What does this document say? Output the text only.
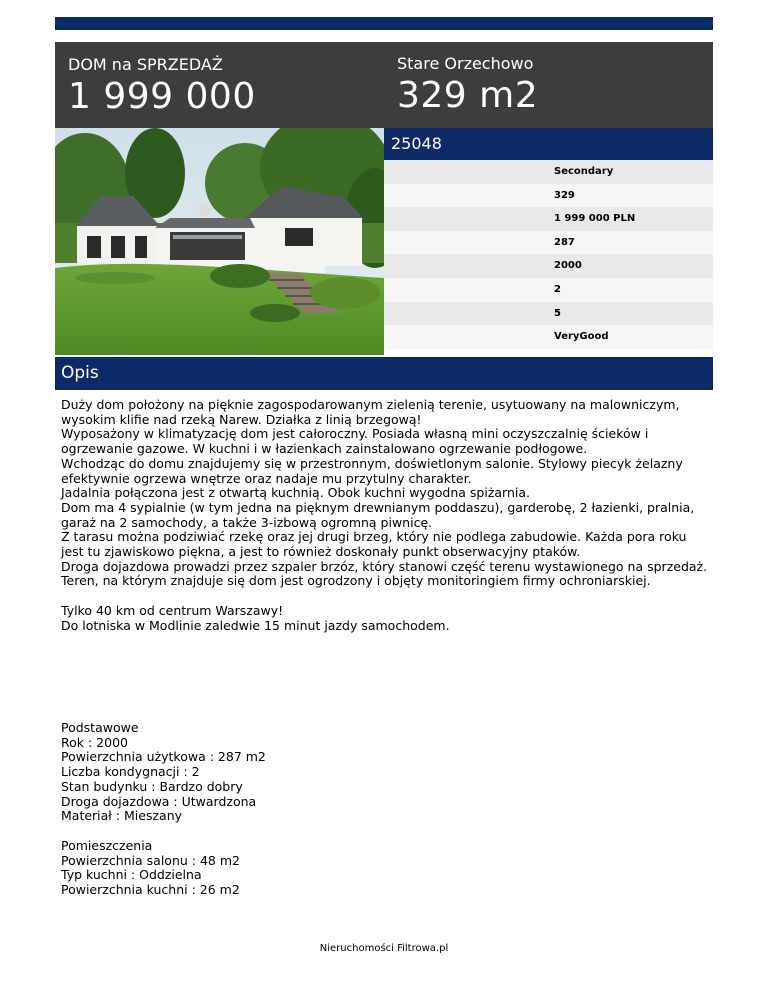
DOM na SPRZEDAŻ
1 999 000
Stare Orzechowo
329 m2
25048
Secondary
329
1 999 000 PLN
287
2000
2
5
VeryGood
Opis

Duży dom położony na pięknie zagospodarowanym zielenią terenie, usytuowany na malowniczym, wysokim klifie nad rzeką Narew. Działka z linią brzegową!

Wyposażony w klimatyzację dom jest całoroczny. Posiada własną mini oczyszczalnię ścieków i ogrzewanie gazowe. W kuchni i w łazienkach zainstalowano ogrzewanie podłogowe.

Wchodząc do domu znajdujemy się w przestronnym, doświetlonym salonie. Stylowy piecyk żelazny efektywnie ogrzewa wnętrze oraz nadaje mu przytulny charakter.

Jadalnia połączona jest z otwartą kuchnią. Obok kuchni wygodna spiżarnia.

Dom ma 4 sypialnie (w tym jedna na pięknym drewnianym poddaszu), garderobę, 2 łazienki, pralnia, garaż na 2 samochody, a także 3-izbową ogromną piwnicę.

Z tarasu można podziwiać rzekę oraz jej drugi brzeg, który nie podlega zabudowie. Każda pora roku jest tu zjawiskowo piękna, a jest to również doskonały punkt obserwacyjny ptaków.

Droga dojazdowa prowadzi przez szpaler brzóz, który stanowi część terenu wystawionego na sprzedaż.

Teren, na którym znajduje się dom jest ogrodzony i objęty monitoringiem firmy ochroniarskiej.

Tylko 40 km od centrum Warszawy!

Do lotniska w Modlinie zaledwie 15 minut jazdy samochodem.

Podstawowe

Rok : 2000

Powierzchnia użytkowa : 287 m2

Liczba kondygnacji : 2

Stan budynku : Bardzo dobry

Droga dojazdowa : Utwardzona

Materiał : Mieszany

Pomieszczenia

Powierzchnia salonu : 48 m2

Typ kuchni : Oddzielna

Powierzchnia kuchni : 26 m2

Nieruchomości Filtrowa.pl
